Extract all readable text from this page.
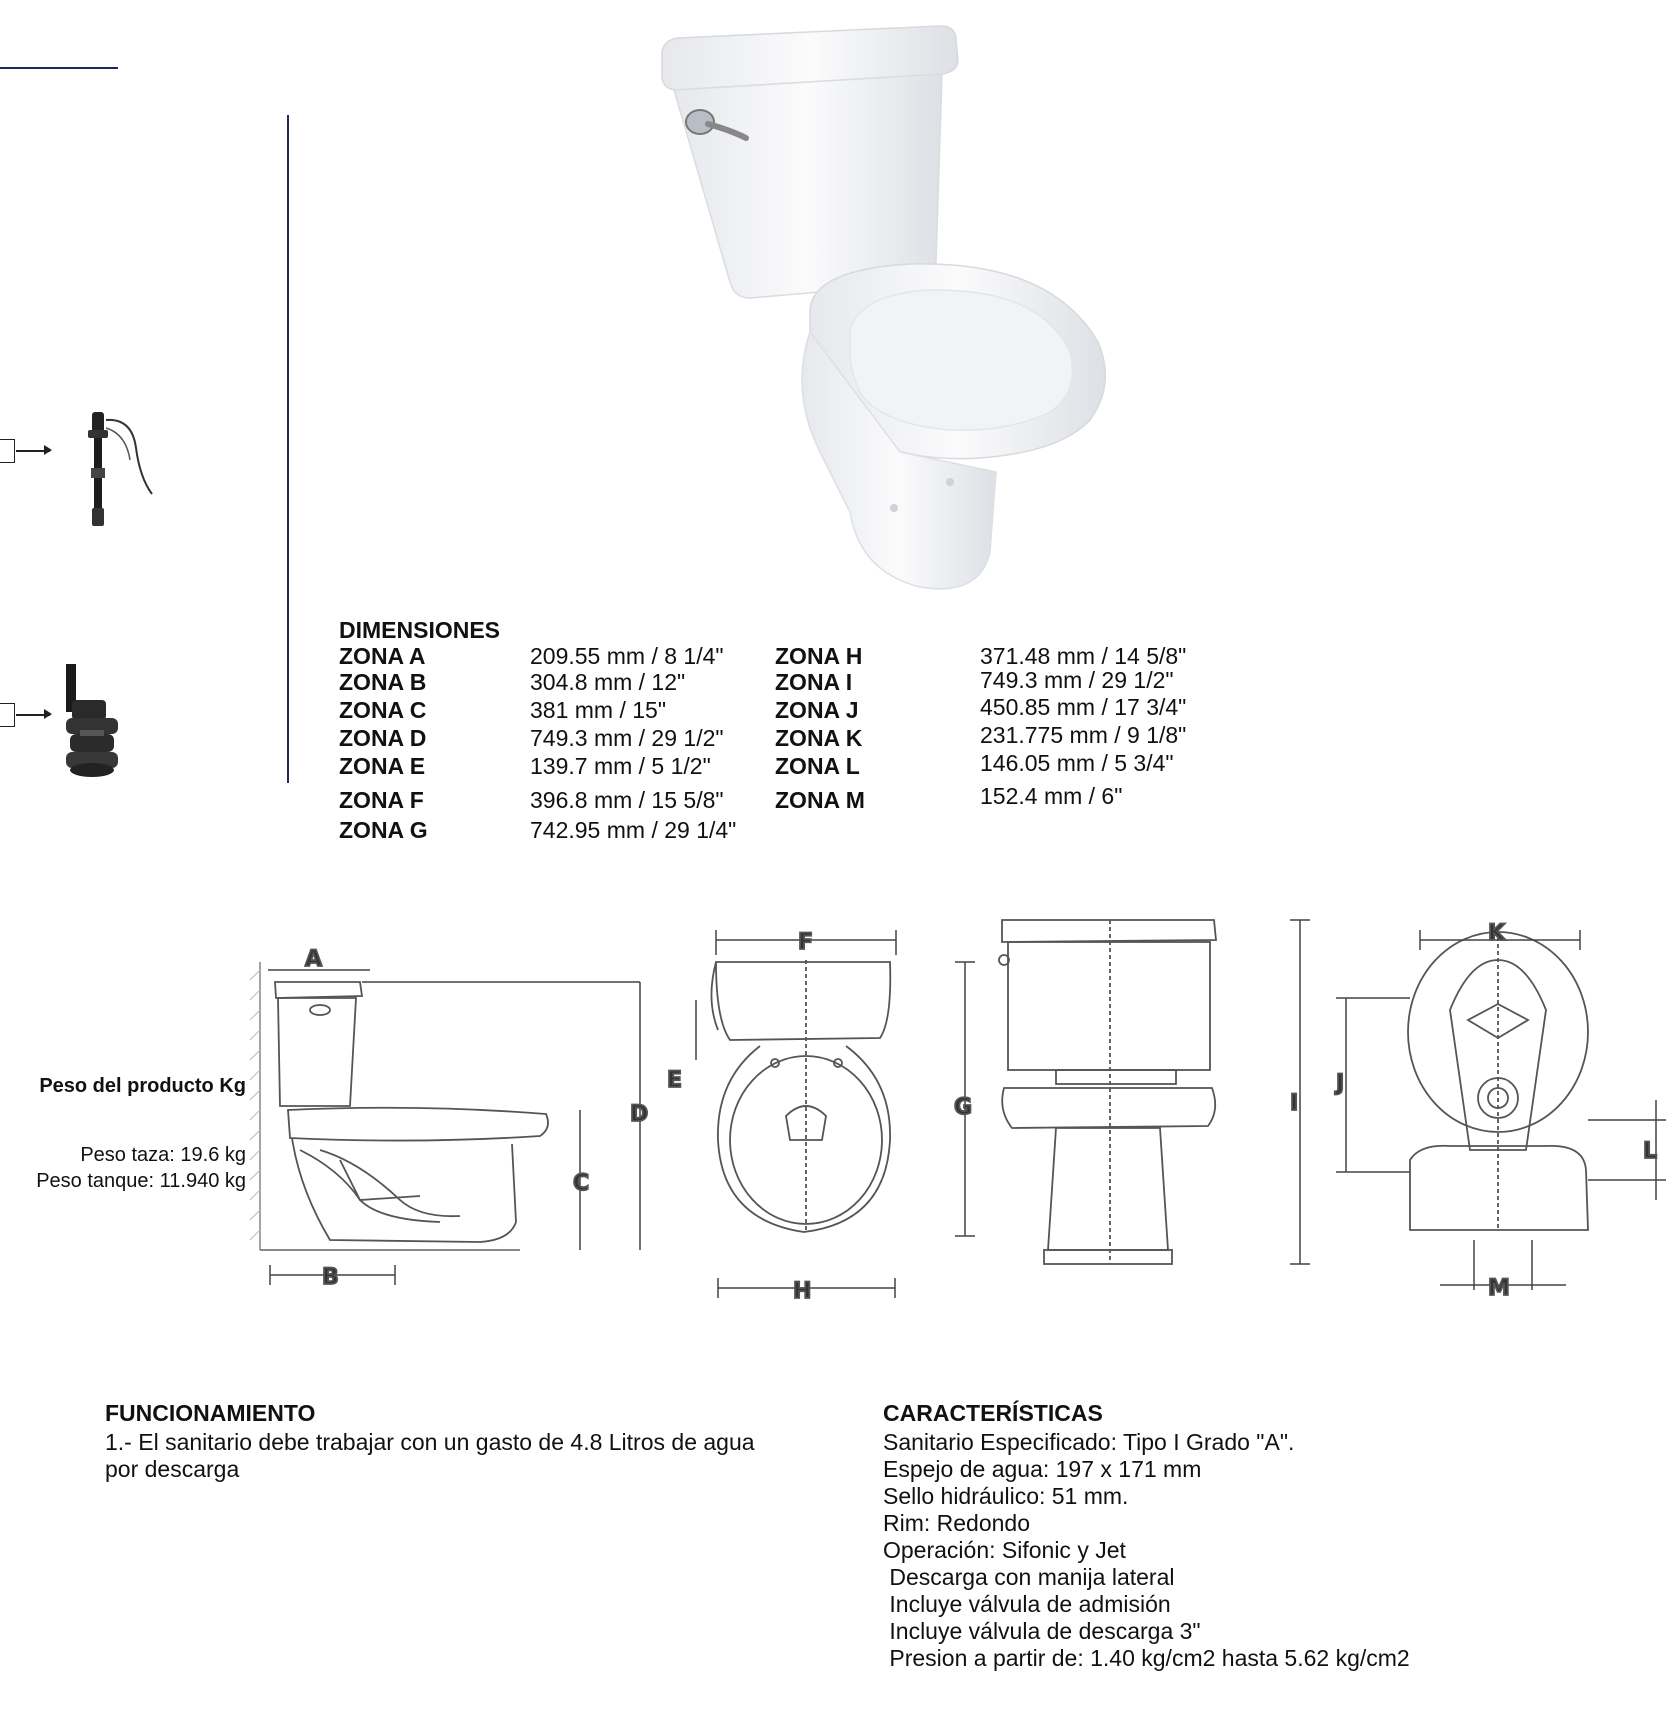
DIMENSIONES
ZONA A	209.55 mm / 8 1/4"
ZONA B	304.8 mm / 12"
ZONA C	381 mm / 15"
ZONA D	749.3 mm / 29 1/2"
ZONA E	139.7 mm / 5 1/2"
ZONA F	396.8 mm / 15 5/8"
ZONA G	742.95 mm / 29 1/4"
ZONA H	371.48 mm / 14 5/8"
ZONA I	749.3 mm / 29 1/2"
ZONA J	450.85 mm / 17 3/4"
ZONA K	231.775 mm / 9 1/8"
ZONA L	146.05 mm / 5 3/4"
ZONA M	152.4 mm / 6"
Peso del producto Kg
Peso taza: 19.6 kg
Peso tanque: 11.940 kg
A
D
C
B
F
E
G
H
I
K
J
L
M
FUNCIONAMIENTO
1.- El sanitario debe trabajar con un gasto de 4.8 Litros de agua
por descarga
CARACTERÍSTICAS
Sanitario Especificado: Tipo I Grado "A".
Espejo de agua: 197 x 171 mm
Sello hidráulico: 51 mm.
Rim: Redondo
Operación: Sifonic y Jet
Descarga con manija lateral
Incluye válvula de admisión
Incluye válvula de descarga 3"
Presion a partir de: 1.40 kg/cm2 hasta 5.62 kg/cm2
